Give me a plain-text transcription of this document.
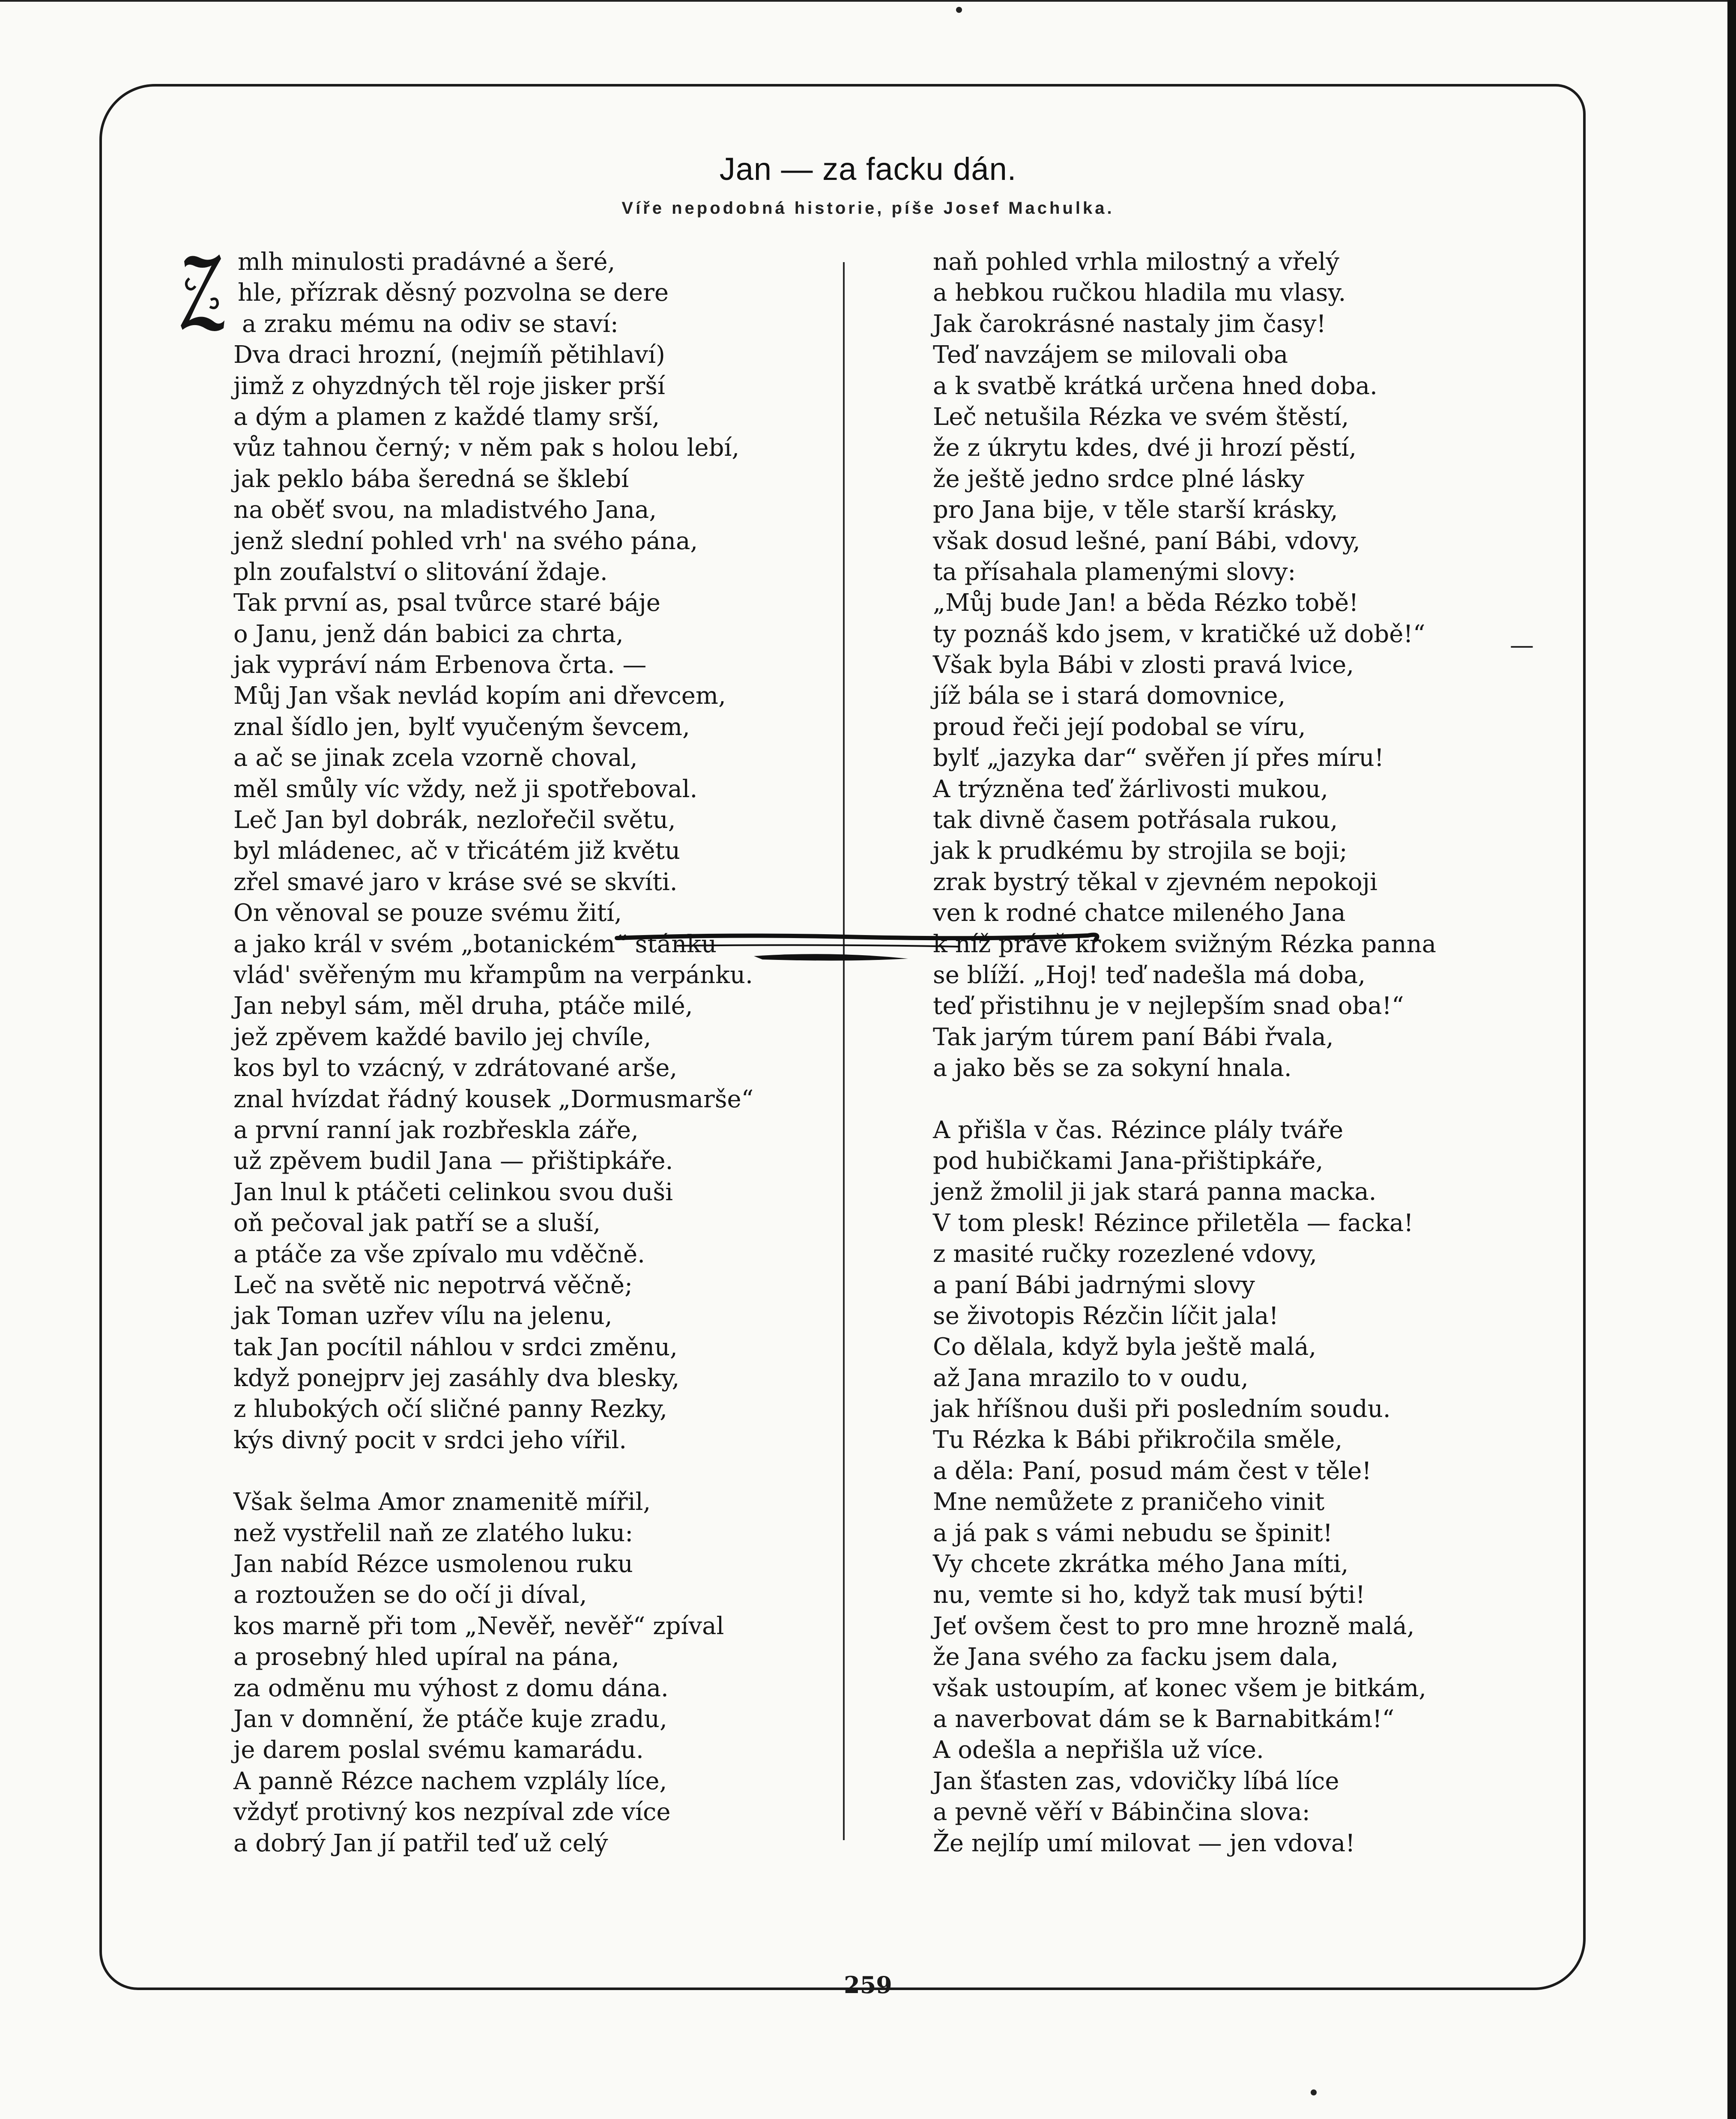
Jan — za facku dán.
Vířе nepodobná historie, píše Josef Machulka.
mlh minulosti pradávné a šeré,
hle, přízrak děsný pozvolna se dere
a zraku mému na odiv se staví:
Dva draci hrozní, (nejmíň pětihlaví)
jimž z ohyzdných těl roje jisker prší
a dým a plamen z každé tlamy srší,
vůz tahnou černý; v něm pak s holou lebí,
jak peklo bába šeredná se šklebí
na oběť svou, na mladistvého Jana,
jenž slední pohled vrh' na svého pána,
pln zoufalství o slitování ždaje.
Tak první as, psal tvůrce staré báje
o Janu, jenž dán babici za chrta,
jak vypráví nám Erbenova črta. —
Můj Jan však nevlád kopím ani dřevcem,
znal šídlo jen, bylť vyučeným ševcem,
a ač se jinak zcela vzorně choval,
měl smůly víc vždy, než ji spotřeboval.
Leč Jan byl dobrák, nezlořečil světu,
byl mládenec, ač v třicátém již květu
zřel smavé jaro v kráse své se skvíti.
On věnoval se pouze svému žití,
a jako král v svém „botanickém“ stánku
vlád' svěřeným mu křampům na verpánku.
Jan nebyl sám, měl druha, ptáče milé,
jež zpěvem každé bavilo jej chvíle,
kos byl to vzácný, v zdrátované arše,
znal hvízdat řádný kousek „Dormusmarše“
a první ranní jak rozbřeskla záře,
už zpěvem budil Jana — přištipkáře.
Jan lnul k ptáčeti celinkou svou duši
oň pečoval jak patří se a sluší,
a ptáče za vše zpívalo mu vděčně.
Leč na světě nic nepotrvá věčně;
jak Toman uzřev vílu na jelenu,
tak Jan pocítil náhlou v srdci změnu,
když ponejprv jej zasáhly dva blesky,
z hlubokých očí sličné panny Rezky,
kýs divný pocit v srdci jeho vířil.
Však šelma Amor znamenitě mířil,
než vystřelil naň ze zlatého luku:
Jan nabíd Rézce usmolenou ruku
a roztoužen se do očí ji díval,
kos marně při tom „Nevěř, nevěř“ zpíval
a prosebný hled upíral na pána,
za odměnu mu výhost z domu dána.
Jan v domnění, že ptáče kuje zradu,
je darem poslal svému kamarádu.
A panně Rézce nachem vzplály líce,
vždyť protivný kos nezpíval zde více
a dobrý Jan jí patřil teď už celý
naň pohled vrhla milostný a vřelý
a hebkou ručkou hladila mu vlasy.
Jak čarokrásné nastaly jim časy!
Teď navzájem se milovali oba
a k svatbě krátká určena hned doba.
Leč netušila Rézka ve svém štěstí,
že z úkrytu kdes, dvé ji hrozí pěstí,
že ještě jedno srdce plné lásky
pro Jana bije, v těle starší krásky,
však dosud lešné, paní Bábi, vdovy,
ta přísahala plamenými slovy:
„Můj bude Jan! a běda Rézko tobě!
ty poznáš kdo jsem, v kratičké už době!“
Však byla Bábi v zlosti pravá lvice,
jíž bála se i stará domovnice,
proud řeči její podobal se víru,
bylť „jazyka dar“ svěřen jí přes míru!
A trýzněna teď žárlivosti mukou,
tak divně časem potřásala rukou,
jak k prudkému by strojila se boji;
zrak bystrý těkal v zjevném nepokoji
ven k rodné chatce mileného Jana
k níž právě krokem svižným Rézka panna
se blíží. „Hoj! teď nadešla má doba,
teď přistihnu je v nejlepším snad oba!“
Tak jarým túrem paní Bábi řvala,
a jako běs se za sokyní hnala.
A přišla v čas. Rézince plály tváře
pod hubičkami Jana-přištipkáře,
jenž žmolil ji jak stará panna macka.
V tom plesk! Rézince přiletěla — facka!
z masité ručky rozezlené vdovy,
a paní Bábi jadrnými slovy
se životopis Rézčin líčit jala!
Co dělala, když byla ještě malá,
až Jana mrazilo to v oudu,
jak hříšnou duši při posledním soudu.
Tu Rézka k Bábi přikročila směle,
a děla: Paní, posud mám čest v těle!
Mne nemůžete z praničeho vinit
a já pak s vámi nebudu se špinit!
Vy chcete zkrátka mého Jana míti,
nu, vemte si ho, když tak musí býti!
Jeť ovšem čest to pro mne hrozně malá,
že Jana svého za facku jsem dala,
však ustoupím, ať konec všem je bitkám,
a naverbovat dám se k Barnabitkám!“
A odešla a nepřišla už více.
Jan šťasten zas, vdovičky líbá líce
a pevně věří v Bábinčina slova:
Že nejlíp umí milovat — jen vdova!
—
259
